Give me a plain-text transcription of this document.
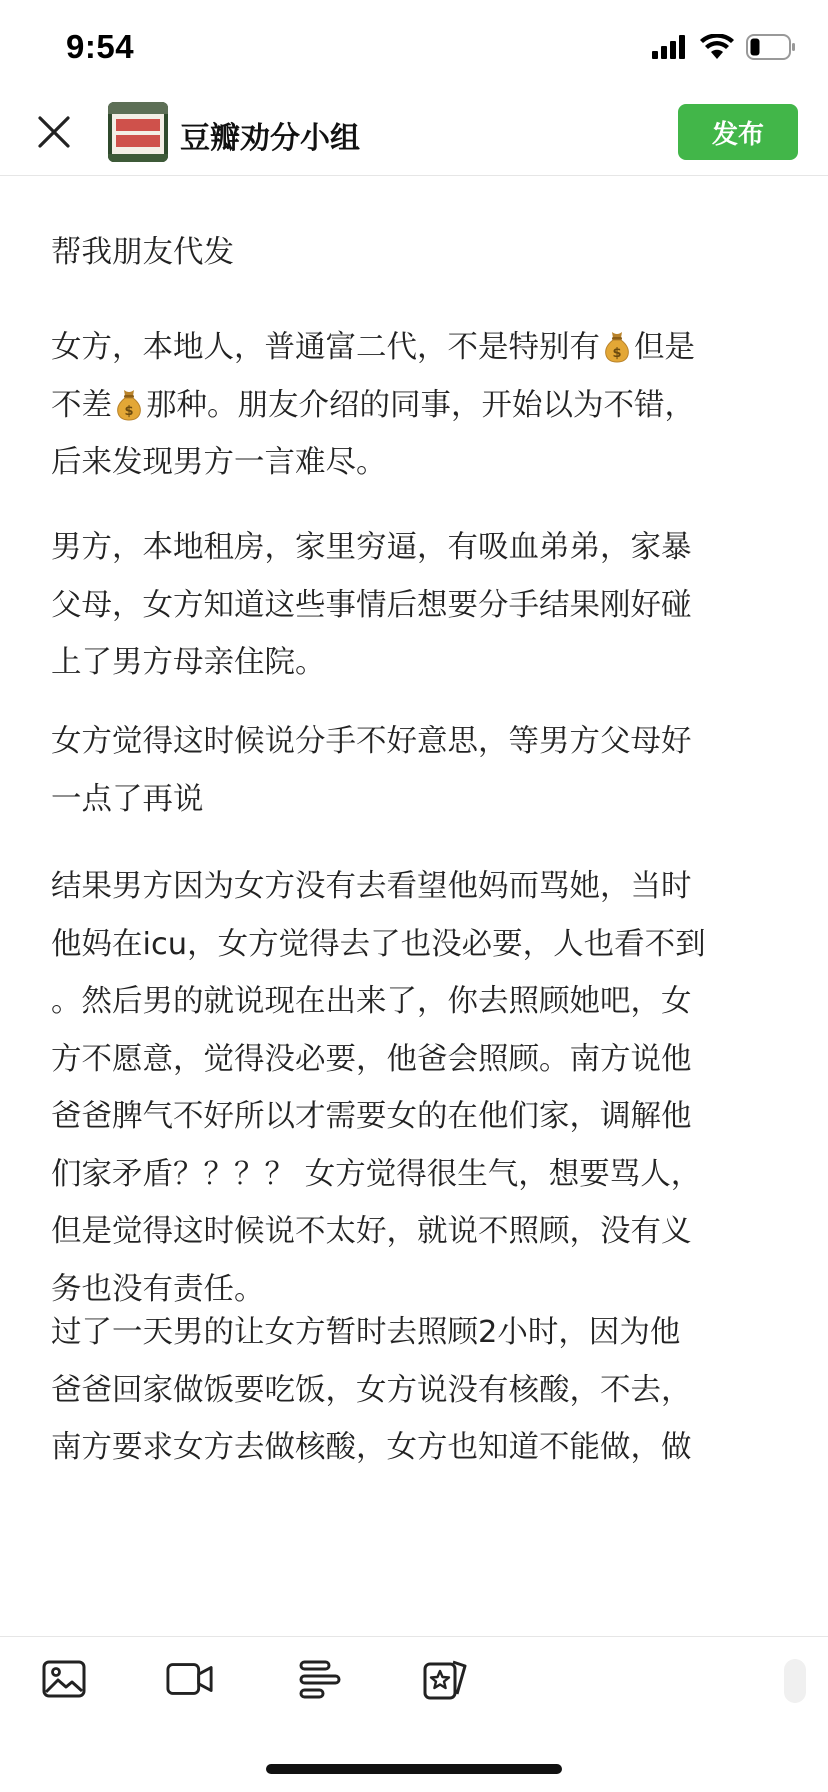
9:54
豆瓣劝分小组	发布
帮我朋友代发
女方，本地人，普通富二代，不是特别有 $ 但是
不差 $ 那种。朋友介绍的同事，开始以为不错，
后来发现男方一言难尽。
男方，本地租房，家里穷逼，有吸血弟弟，家暴
父母，女方知道这些事情后想要分手结果刚好碰
上了男方母亲住院。
女方觉得这时候说分手不好意思，等男方父母好
一点了再说
结果男方因为女方没有去看望他妈而骂她，当时
他妈在icu，女方觉得去了也没必要，人也看不到
。然后男的就说现在出来了，你去照顾她吧，女
方不愿意，觉得没必要，他爸会照顾。南方说他
爸爸脾气不好所以才需要女的在他们家，调解他
们家矛盾？？？？ 女方觉得很生气，想要骂人，
但是觉得这时候说不太好，就说不照顾，没有义
务也没有责任。
过了一天男的让女方暂时去照顾2小时，因为他
爸爸回家做饭要吃饭，女方说没有核酸，不去，
南方要求女方去做核酸，女方也知道不能做，做
